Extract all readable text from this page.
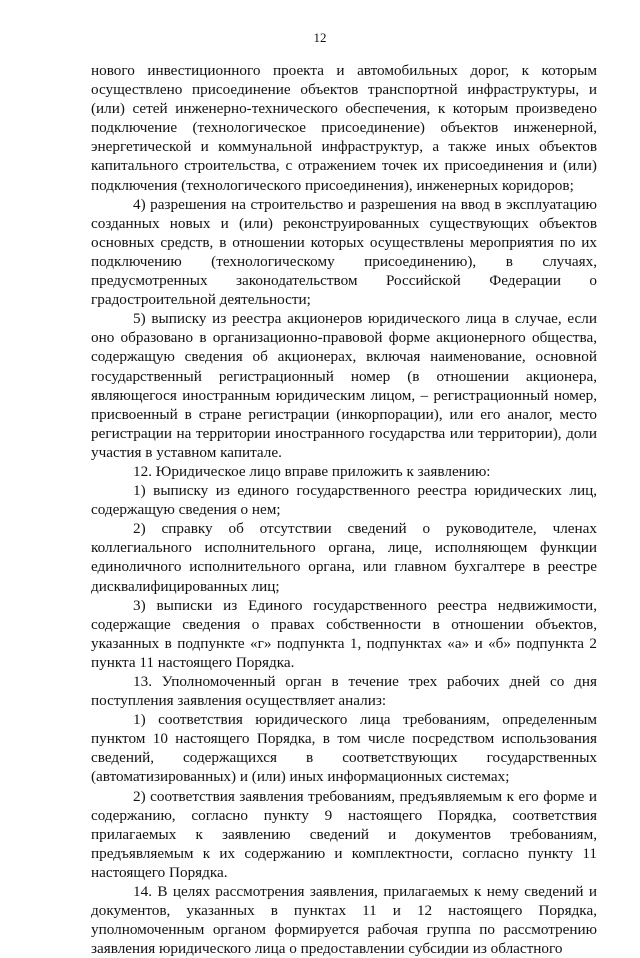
12

нового инвестиционного проекта и автомобильных дорог, к которым осуществлено присоединение объектов транспортной инфраструктуры, и (или) сетей инженерно-технического обеспечения, к которым произведено подключение (технологическое присоединение) объектов инженерной, энергетической и коммунальной инфраструктур, а также иных объектов капитального строительства, с отражением точек их присоединения и (или) подключения (технологического присоединения), инженерных коридоров;

4) разрешения на строительство и разрешения на ввод в эксплуатацию созданных новых и (или) реконструированных существующих объектов основных средств, в отношении которых осуществлены мероприятия по их подключению (технологическому присоединению), в случаях, предусмотренных законодательством Российской Федерации о градостроительной деятельности;

5) выписку из реестра акционеров юридического лица в случае, если оно образовано в организационно-правовой форме акционерного общества, содержащую сведения об акционерах, включая наименование, основной государственный регистрационный номер (в отношении акционера, являющегося иностранным юридическим лицом, – регистрационный номер, присвоенный в стране регистрации (инкорпорации), или его аналог, место регистрации на территории иностранного государства или территории), доли участия в уставном капитале.

12. Юридическое лицо вправе приложить к заявлению:

1) выписку из единого государственного реестра юридических лиц, содержащую сведения о нем;

2) справку об отсутствии сведений о руководителе, членах коллегиального исполнительного органа, лице, исполняющем функции единоличного исполнительного органа, или главном бухгалтере в реестре дисквалифицированных лиц;

3) выписки из Единого государственного реестра недвижимости, содержащие сведения о правах собственности в отношении объектов, указанных в подпункте «г» подпункта 1, подпунктах «а» и «б» подпункта 2 пункта 11 настоящего Порядка.

13. Уполномоченный орган в течение трех рабочих дней со дня поступления заявления осуществляет анализ:

1) соответствия юридического лица требованиям, определенным пунктом 10 настоящего Порядка, в том числе посредством использования сведений, содержащихся в соответствующих государственных (автоматизированных) и (или) иных информационных системах;

2) соответствия заявления требованиям, предъявляемым к его форме и содержанию, согласно пункту 9 настоящего Порядка, соответствия прилагаемых к заявлению сведений и документов требованиям, предъявляемым к их содержанию и комплектности, согласно пункту 11 настоящего Порядка.

14. В целях рассмотрения заявления, прилагаемых к нему сведений и документов, указанных в пунктах 11 и 12 настоящего Порядка, уполномоченным органом формируется рабочая группа по рассмотрению заявления юридического лица о предоставлении субсидии из областного
